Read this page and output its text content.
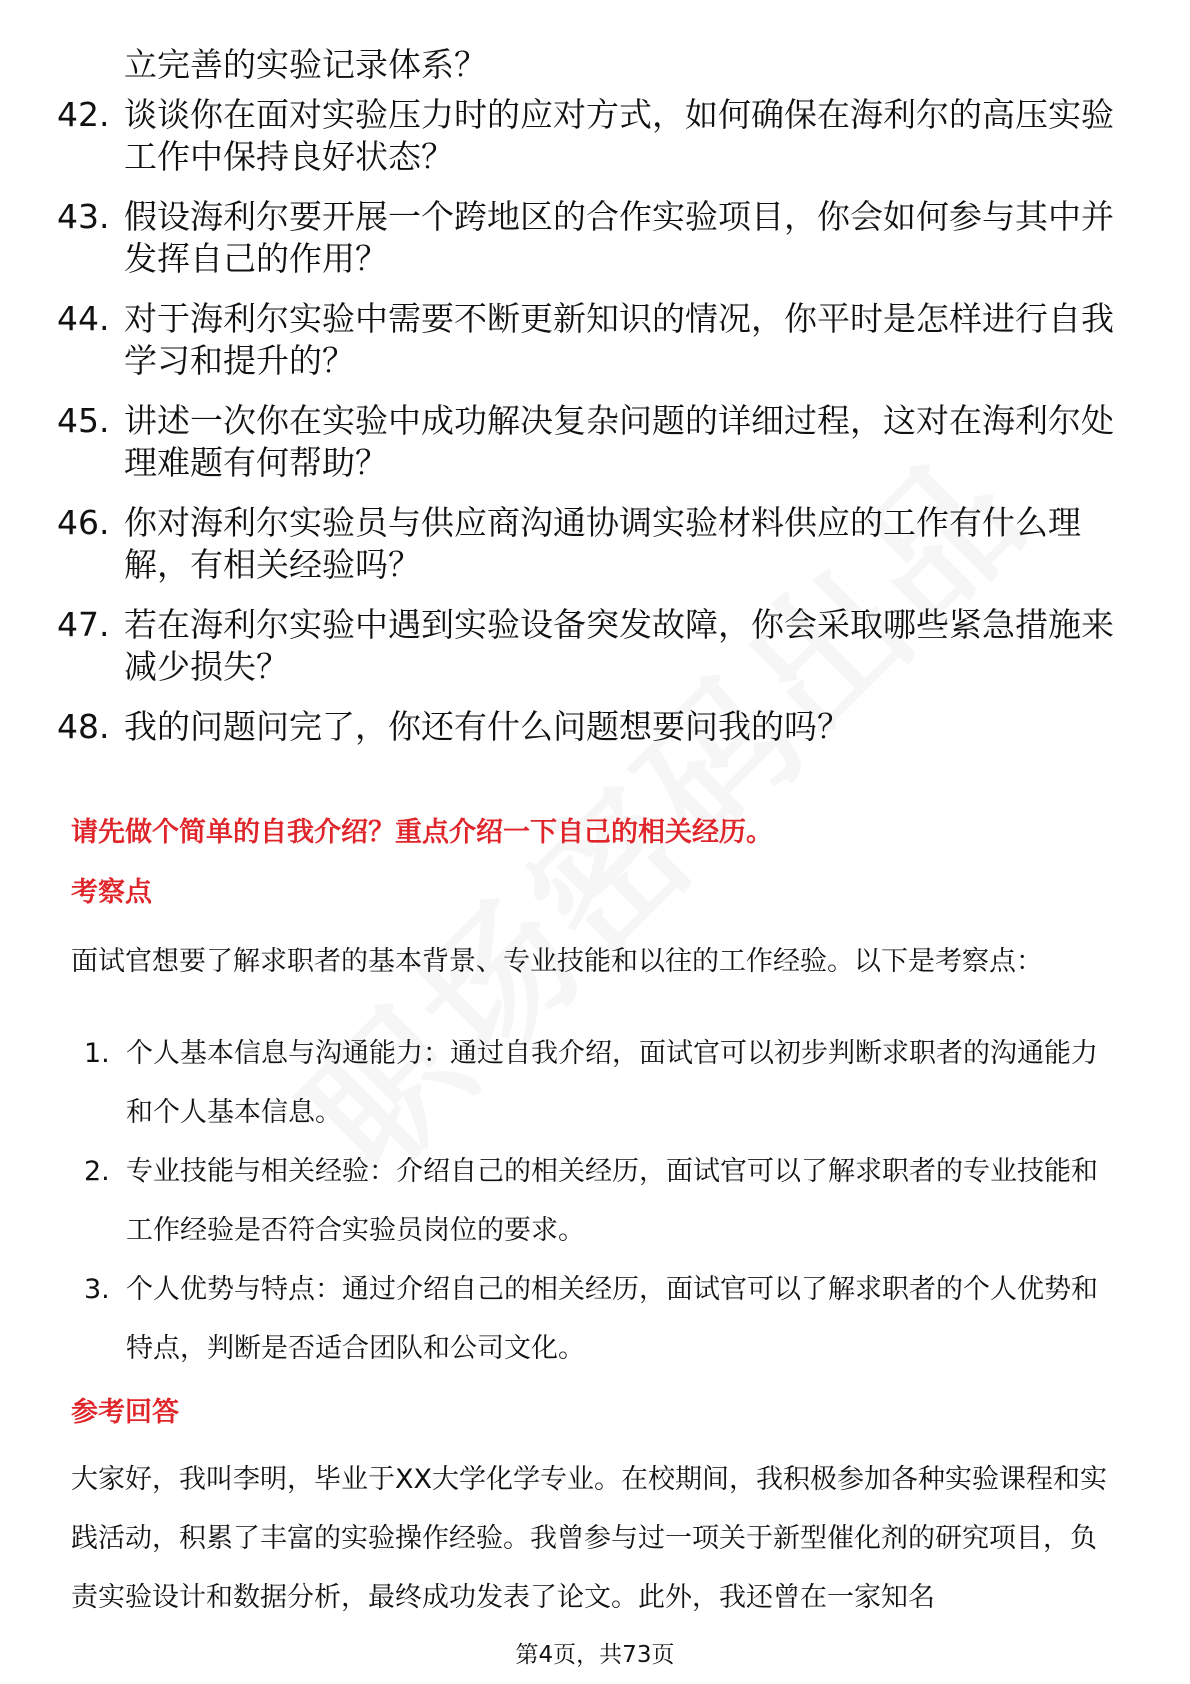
立完善的实验记录体系？
42. 谈谈你在面对实验压力时的应对方式，如何确保在海利尔的高压实验工作中保持良好状态？
43. 假设海利尔要开展一个跨地区的合作实验项目，你会如何参与其中并发挥自己的作用？
44. 对于海利尔实验中需要不断更新知识的情况，你平时是怎样进行自我学习和提升的？
45. 讲述一次你在实验中成功解决复杂问题的详细过程，这对在海利尔处理难题有何帮助？
46. 你对海利尔实验员与供应商沟通协调实验材料供应的工作有什么理解，有相关经验吗？
47. 若在海利尔实验中遇到实验设备突发故障，你会采取哪些紧急措施来减少损失？
48. 我的问题问完了，你还有什么问题想要问我的吗？
请先做个简单的自我介绍？重点介绍一下自己的相关经历。
考察点
面试官想要了解求职者的基本背景、专业技能和以往的工作经验。以下是考察点：
1. 个人基本信息与沟通能力：通过自我介绍，面试官可以初步判断求职者的沟通能力和个人基本信息。
2. 专业技能与相关经验：介绍自己的相关经历，面试官可以了解求职者的专业技能和工作经验是否符合实验员岗位的要求。
3. 个人优势与特点：通过介绍自己的相关经历，面试官可以了解求职者的个人优势和特点，判断是否适合团队和公司文化。
参考回答
大家好，我叫李明，毕业于XX大学化学专业。在校期间，我积极参加各种实验课程和实践活动，积累了丰富的实验操作经验。我曾参与过一项关于新型催化剂的研究项目，负责实验设计和数据分析，最终成功发表了论文。此外，我还曾在一家知名
第4页，共73页
